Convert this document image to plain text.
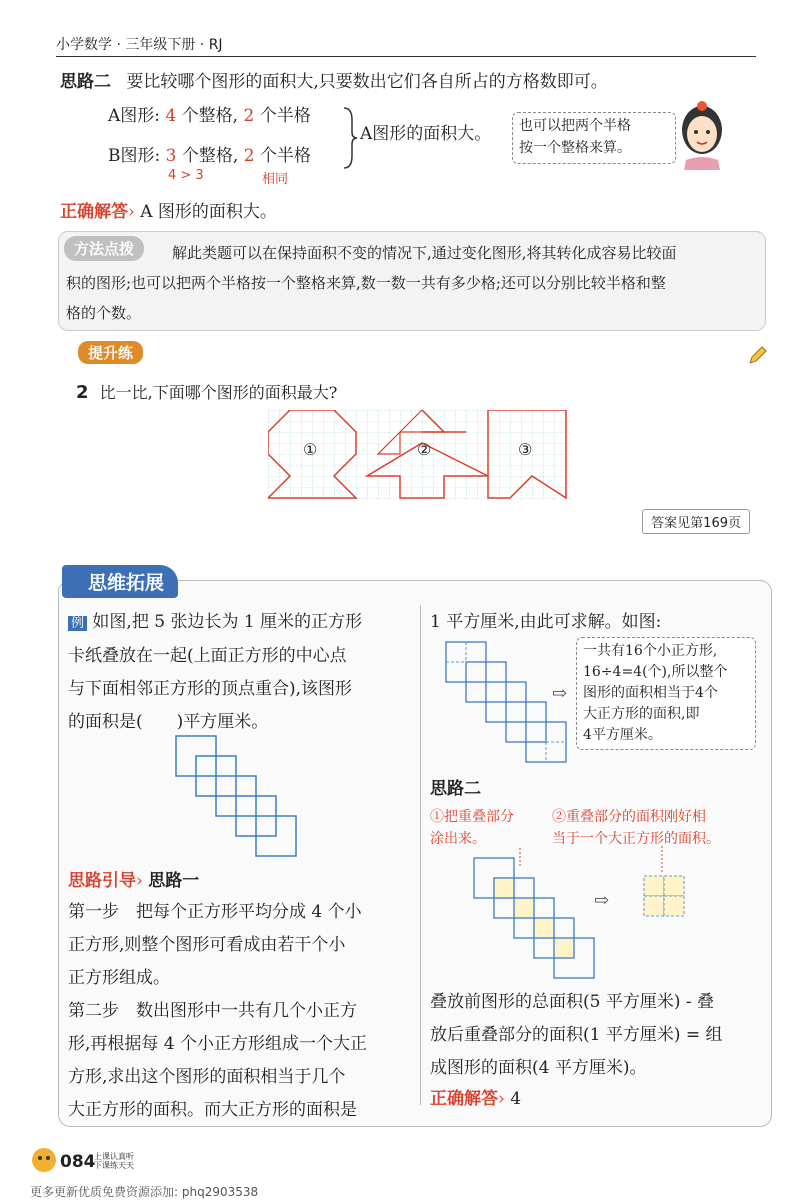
小学数学 · 三年级下册 · RJ
思路二 要比较哪个图形的面积大,只要数出它们各自所占的方格数即可。
A图形: 4 个整格, 2 个半格
B图形: 3 个整格, 2 个半格
4 > 3	相同
A图形的面积大。 也可以把两个半格
按一个整格来算。
正确解答› A 图形的面积大。
方法点拨	解此类题可以在保持面积不变的情况下,通过变化图形,将其转化成容易比较面
积的图形;也可以把两个半格按一个整格来算,数一数一共有多少格;还可以分别比较半格和整
格的个数。
提升练
2 比一比,下面哪个图形的面积最大?
①	②	③
答案见第169页
思维拓展
例 如图,把 5 张边长为 1 厘米的正方形
卡纸叠放在一起(上面正方形的中心点
与下面相邻正方形的顶点重合),该图形
的面积是(　　)平方厘米。
思路引导› 思路一
第一步　把每个正方形平均分成 4 个小
正方形,则整个图形可看成由若干个小
正方形组成。
第二步　数出图形中一共有几个小正方
形,再根据每 4 个小正方形组成一个大正
方形,求出这个图形的面积相当于几个
大正方形的面积。而大正方形的面积是
1 平方厘米,由此可求解。如图:
⇨
一共有16个小正方形,
16÷4=4(个),所以整个
图形的面积相当于4个
大正方形的面积,即
4平方厘米。
思路二
①把重叠部分
涂出来。
②重叠部分的面积刚好相
当于一个大正方形的面积。
⇨
叠放前图形的总面积(5 平方厘米) - 叠
放后重叠部分的面积(1 平方厘米) = 组
成图形的面积(4 平方厘米)。
正确解答› 4
084
上课认真听
下课练天天
更多更新优质免费资源添加: phq2903538
